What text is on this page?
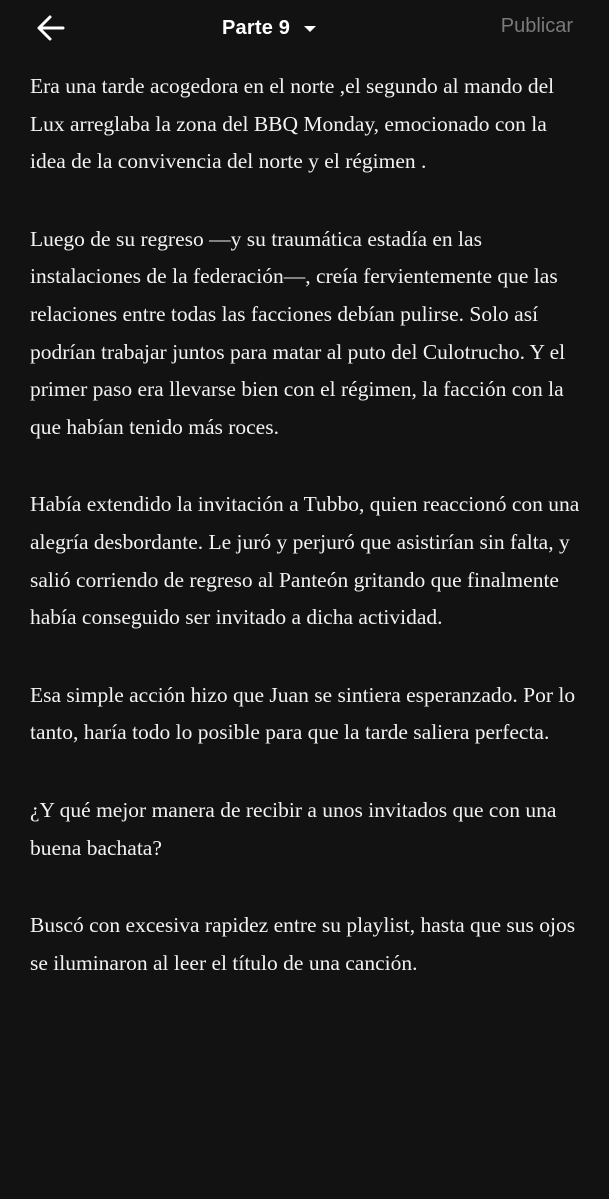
Parte 9	Publicar

Era una tarde acogedora en el norte ,el segundo al mando del Lux arreglaba la zona del BBQ Monday, emocionado con la idea de la convivencia del norte y el régimen .

Luego de su regreso —y su traumática estadía en las instalaciones de la federación—, creía fervientemente que las relaciones entre todas las facciones debían pulirse. Solo así podrían trabajar juntos para matar al puto del Culotrucho. Y el primer paso era llevarse bien con el régimen, la facción con la que habían tenido más roces.

Había extendido la invitación a Tubbo, quien reaccionó con una alegría desbordante. Le juró y perjuró que asistirían sin falta, y salió corriendo de regreso al Panteón gritando que finalmente había conseguido ser invitado a dicha actividad.

Esa simple acción hizo que Juan se sintiera esperanzado. Por lo tanto, haría todo lo posible para que la tarde saliera perfecta.

¿Y qué mejor manera de recibir a unos invitados que con una buena bachata?

Buscó con excesiva rapidez entre su playlist, hasta que sus ojos se iluminaron al leer el título de una canción.
